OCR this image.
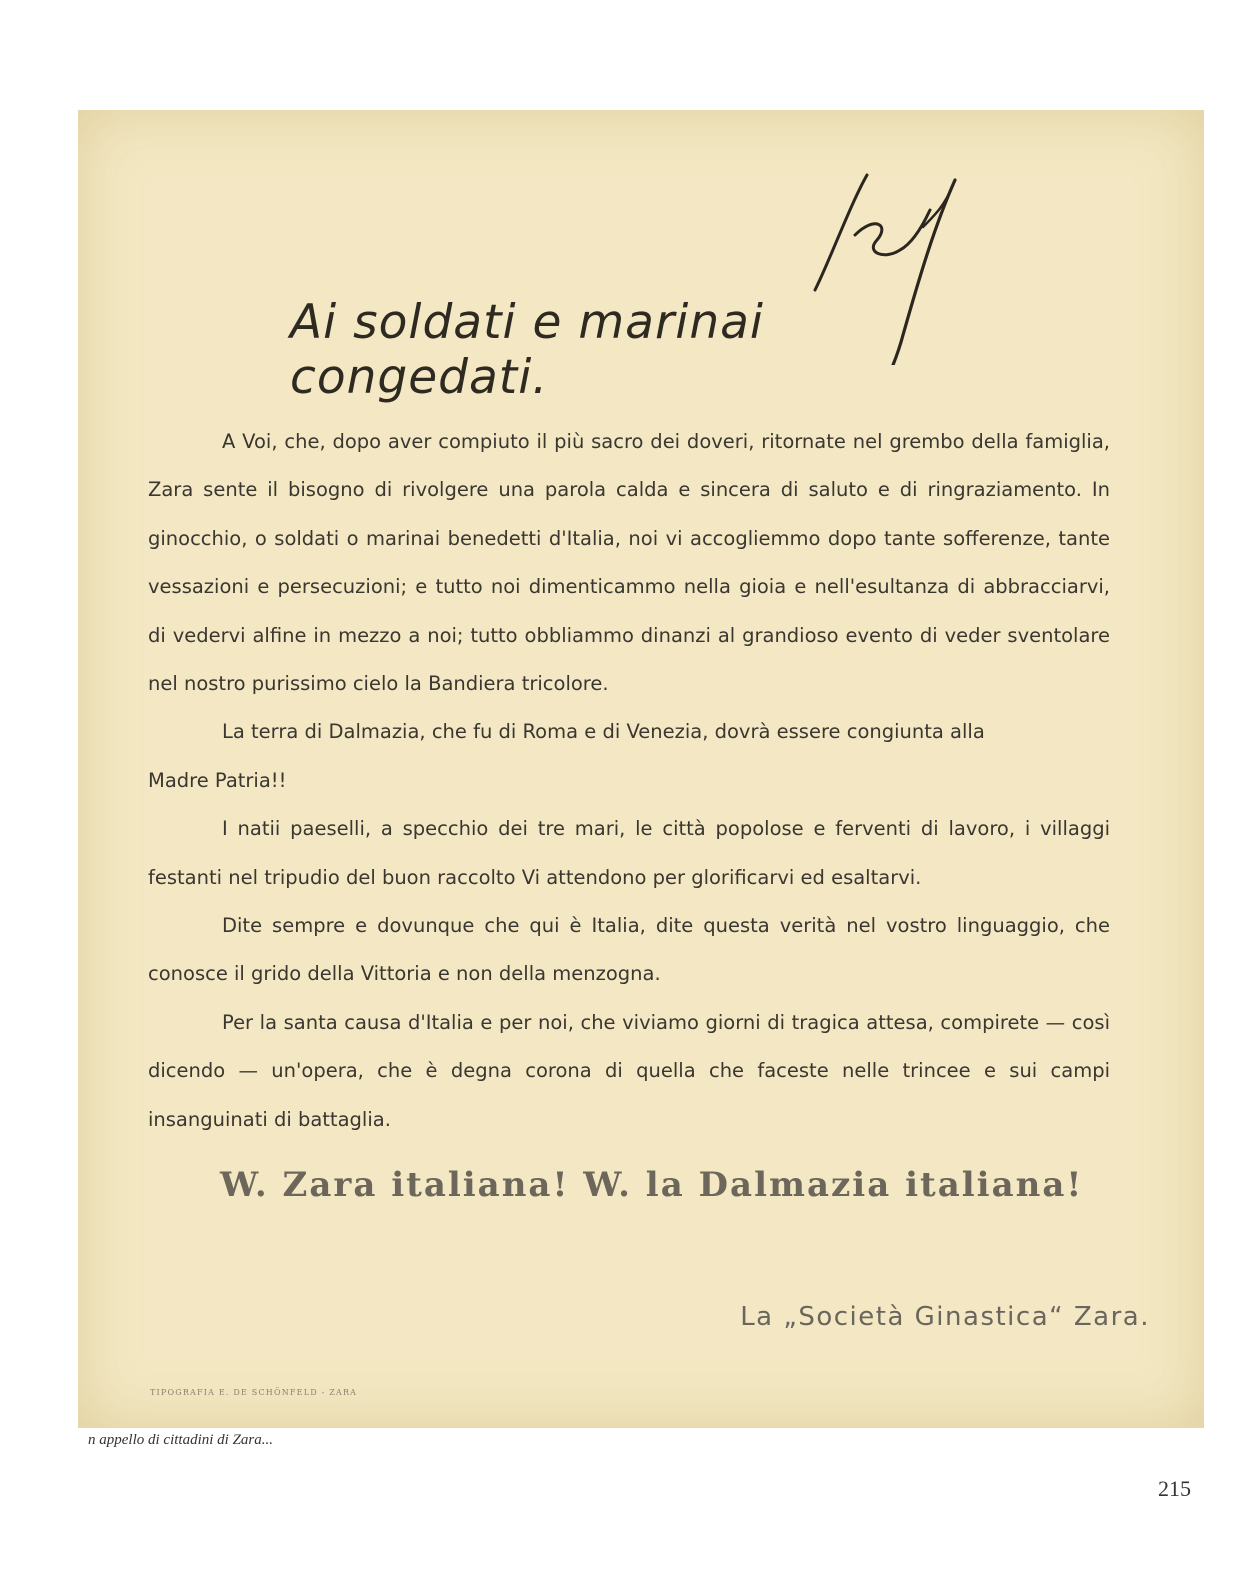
Ai soldati e marinai congedati.

A Voi, che, dopo aver compiuto il più sacro dei doveri, ritornate nel grembo della famiglia, Zara sente il bisogno di rivolgere una parola calda e sincera di saluto e di ringraziamento. In ginocchio, o soldati o marinai benedetti d'Italia, noi vi accogliemmo dopo tante sofferenze, tante vessazioni e persecuzioni; e tutto noi dimenticammo nella gioia e nell'esultanza di abbracciarvi, di vedervi alfine in mezzo a noi; tutto obbliammo dinanzi al grandioso evento di veder sventolare nel nostro purissimo cielo la Bandiera tricolore.

La terra di Dalmazia, che fu di Roma e di Venezia, dovrà essere congiunta alla

Madre Patria!!

I natii paeselli, a specchio dei tre mari, le città popolose e ferventi di lavoro, i villaggi festanti nel tripudio del buon raccolto Vi attendono per glorificarvi ed esaltarvi.

Dite sempre e dovunque che qui è Italia, dite questa verità nel vostro linguaggio, che conosce il grido della Vittoria e non della menzogna.

Per la santa causa d'Italia e per noi, che viviamo giorni di tragica attesa, compirete — così dicendo — un'opera, che è degna corona di quella che faceste nelle trincee e sui campi insanguinati di battaglia.

W. Zara italiana! W. la Dalmazia italiana!

La „Società Ginastica“ Zara.

TIPOGRAFIA E. DE SCHÖNFELD - ZARA

n appello di cittadini di Zara...

215
